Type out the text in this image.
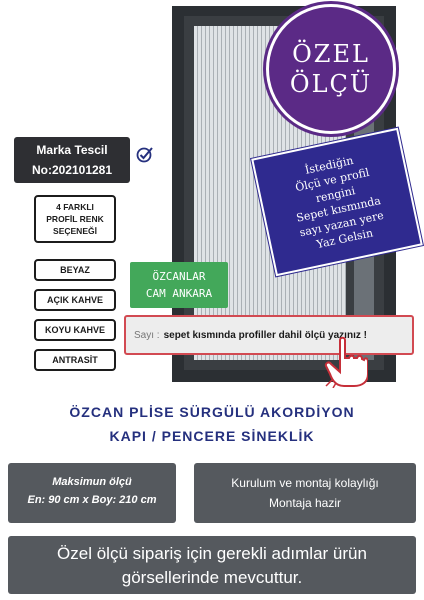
ÖZEL
ÖLÇÜ
İstediğin
Ölçü ve profil
rengini
Sepet kısmında
sayı yazan yere
Yaz Gelsin
Marka Tescil
No:202101281
4 FARKLI
PROFİL RENK
SEÇENEĞİ
BEYAZ
AÇIK KAHVE
KOYU KAHVE
ANTRASİT
ÖZCANLAR
CAM ANKARA
Sayı : sepet kısmında profiller dahil ölçü yazınız !
ÖZCAN PLİSE SÜRGÜLÜ AKORDİYON
KAPI / PENCERE SİNEKLİK
Maksimun ölçü
En: 90 cm x Boy: 210 cm
Kurulum ve montaj kolaylığı
Montaja hazir
Özel ölçü sipariş için gerekli adımlar ürün
görsellerinde mevcuttur.
